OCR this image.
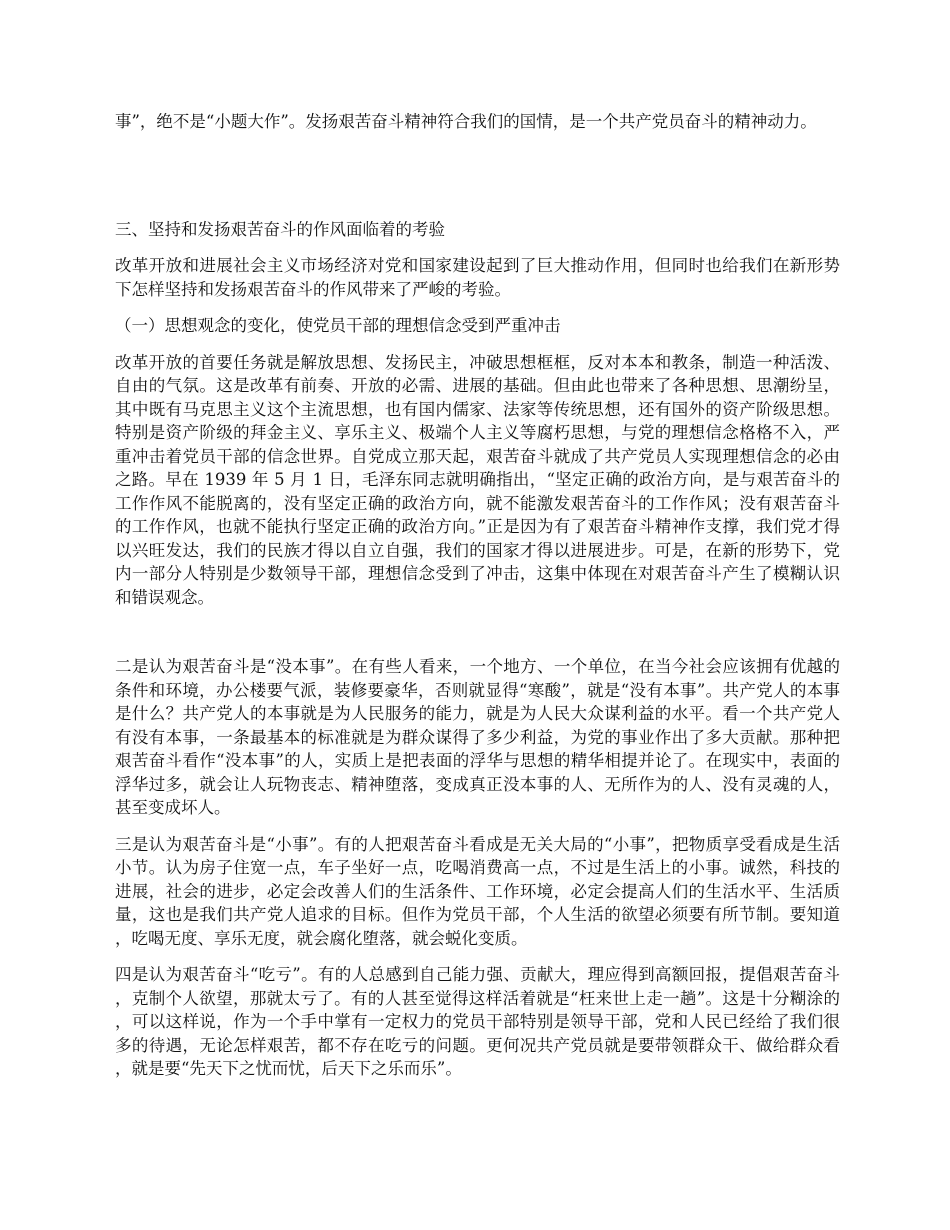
事”，绝不是“小题大作”。发扬艰苦奋斗精神符合我们的国情，是一个共产党员奋斗的精神动力。

三、坚持和发扬艰苦奋斗的作风面临着的考验

改革开放和进展社会主义市场经济对党和国家建设起到了巨大推动作用，但同时也给我们在新形势下怎样坚持和发扬艰苦奋斗的作风带来了严峻的考验。

（一）思想观念的变化，使党员干部的理想信念受到严重冲击

改革开放的首要任务就是解放思想、发扬民主，冲破思想框框，反对本本和教条，制造一种活泼、自由的气氛。这是改革有前奏、开放的必需、进展的基础。但由此也带来了各种思想、思潮纷呈，其中既有马克思主义这个主流思想，也有国内儒家、法家等传统思想，还有国外的资产阶级思想。特别是资产阶级的拜金主义、享乐主义、极端个人主义等腐朽思想，与党的理想信念格格不入，严重冲击着党员干部的信念世界。自党成立那天起，艰苦奋斗就成了共产党员人实现理想信念的必由之路。早在 1939 年 5 月 1 日，毛泽东同志就明确指出，“坚定正确的政治方向，是与艰苦奋斗的工作作风不能脱离的，没有坚定正确的政治方向，就不能激发艰苦奋斗的工作作风；没有艰苦奋斗的工作作风，也就不能执行坚定正确的政治方向。”正是因为有了艰苦奋斗精神作支撑，我们党才得以兴旺发达，我们的民族才得以自立自强，我们的国家才得以进展进步。可是，在新的形势下，党内一部分人特别是少数领导干部，理想信念受到了冲击，这集中体现在对艰苦奋斗产生了模糊认识和错误观念。

二是认为艰苦奋斗是“没本事”。在有些人看来，一个地方、一个单位，在当今社会应该拥有优越的条件和环境，办公楼要气派，装修要豪华，否则就显得“寒酸”，就是“没有本事”。共产党人的本事是什么？共产党人的本事就是为人民服务的能力，就是为人民大众谋利益的水平。看一个共产党人有没有本事，一条最基本的标准就是为群众谋得了多少利益，为党的事业作出了多大贡献。那种把艰苦奋斗看作“没本事”的人，实质上是把表面的浮华与思想的精华相提并论了。在现实中，表面的浮华过多，就会让人玩物丧志、精神堕落，变成真正没本事的人、无所作为的人、没有灵魂的人，甚至变成坏人。

三是认为艰苦奋斗是“小事”。有的人把艰苦奋斗看成是无关大局的“小事”，把物质享受看成是生活小节。认为房子住宽一点，车子坐好一点，吃喝消费高一点，不过是生活上的小事。诚然，科技的进展，社会的进步，必定会改善人们的生活条件、工作环境，必定会提高人们的生活水平、生活质量，这也是我们共产党人追求的目标。但作为党员干部，个人生活的欲望必须要有所节制。要知道，吃喝无度、享乐无度，就会腐化堕落，就会蜕化变质。

四是认为艰苦奋斗“吃亏”。有的人总感到自己能力强、贡献大，理应得到高额回报，提倡艰苦奋斗，克制个人欲望，那就太亏了。有的人甚至觉得这样活着就是“枉来世上走一趟”。这是十分糊涂的，可以这样说，作为一个手中掌有一定权力的党员干部特别是领导干部，党和人民已经给了我们很多的待遇，无论怎样艰苦，都不存在吃亏的问题。更何况共产党员就是要带领群众干、做给群众看，就是要“先天下之忧而忧，后天下之乐而乐”。
